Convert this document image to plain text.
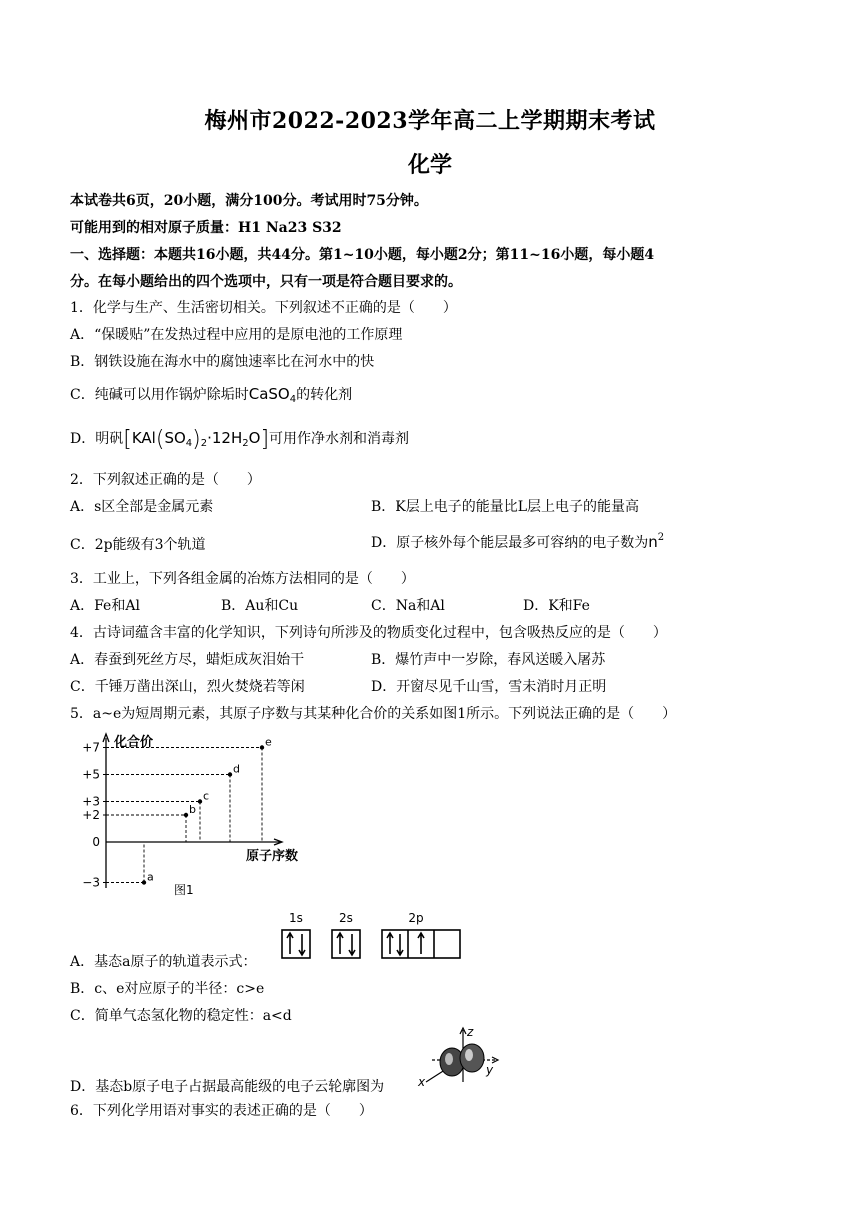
梅州市2022-2023学年高二上学期期末考试
化学
本试卷共6页，20小题，满分100分。考试用时75分钟。
可能用到的相对原子质量：H1 Na23 S32
一、选择题：本题共16小题，共44分。第1~10小题，每小题2分；第11~16小题，每小题4
分。在每小题给出的四个选项中，只有一项是符合题目要求的。
1．化学与生产、生活密切相关。下列叙述不正确的是（　　）
A．“保暖贴”在发热过程中应用的是原电池的工作原理
B．钢铁设施在海水中的腐蚀速率比在河水中的快
C．纯碱可以用作锅炉除垢时CaSO$_4$的转化剂
D．明矾$[KAl(SO_4)_2\cdot 12H_2O]$可用作净水剂和消毒剂
2．下列叙述正确的是（　　）
A．s区全部是金属元素	B．K层上电子的能量比L层上电子的能量高
C．2p能级有3个轨道	D．原子核外每个能层最多可容纳的电子数为$n^2$
3．工业上，下列各组金属的冶炼方法相同的是（　　）
A．Fe和Al	B．Au和Cu	C．Na和Al	D．K和Fe
4．古诗词蕴含丰富的化学知识，下列诗句所涉及的物质变化过程中，包含吸热反应的是（　　）
A．春蚕到死丝方尽，蜡炬成灰泪始干	B．爆竹声中一岁除，春风送暖入屠苏
C．千锤万凿出深山，烈火焚烧若等闲	D．开窗尽见千山雪，雪未消时月正明
5．a~e为短周期元素，其原子序数与其某种化合价的关系如图1所示。下列说法正确的是（　　）
化合价
原子序数
图1
+7
+5
+3
+2
0
−3	a
b
c
d
e
A．基态a原子的轨道表示式：
1s	2s	2p
B．c、e对应原子的半径：c>e
C．简单气态氢化物的稳定性：a<d
D．基态b原子电子占据最高能级的电子云轮廓图为
z
y
x
6．下列化学用语对事实的表述正确的是（　　）
